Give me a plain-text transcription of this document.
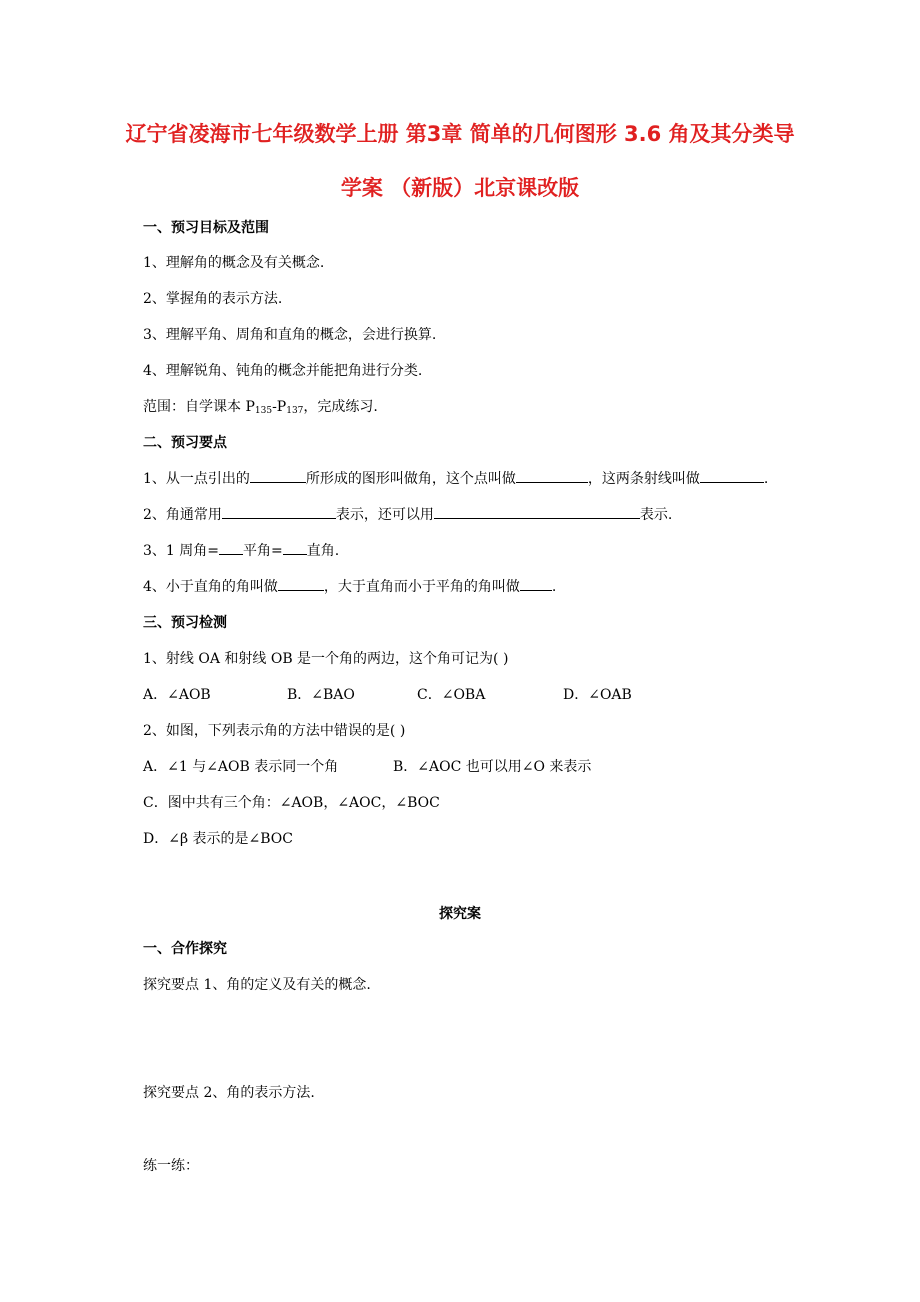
辽宁省凌海市七年级数学上册 第3章 简单的几何图形 3.6 角及其分类导
学案 （新版）北京课改版
一、预习目标及范围
1、理解角的概念及有关概念.
2、掌握角的表示方法.
3、理解平角、周角和直角的概念，会进行换算.
4、理解锐角、钝角的概念并能把角进行分类.
范围：自学课本 $P_{135}-P_{137}$，完成练习.
二、预习要点
1、从一点引出的	所形成的图形叫做角，这个点叫做	，这两条射线叫做	.
2、角通常用	表示，还可以用	表示.
3、1 周角= 平角= 直角.
4、小于直角的角叫做	，大于直角而小于平角的角叫做 .
三、预习检测
1、射线 OA 和射线 OB 是一个角的两边，这个角可记为( )
A．∠AOB	B．∠BAO	C．∠OBA	D．∠OAB
2、如图，下列表示角的方法中错误的是( )
A．∠1 与∠AOB 表示同一个角	B．∠AOC 也可以用∠O 来表示
C．图中共有三个角：∠AOB，∠AOC，∠BOC
D．∠β 表示的是∠BOC
探究案
一、合作探究
探究要点 1、角的定义及有关的概念.
探究要点 2、角的表示方法.
练一练：
